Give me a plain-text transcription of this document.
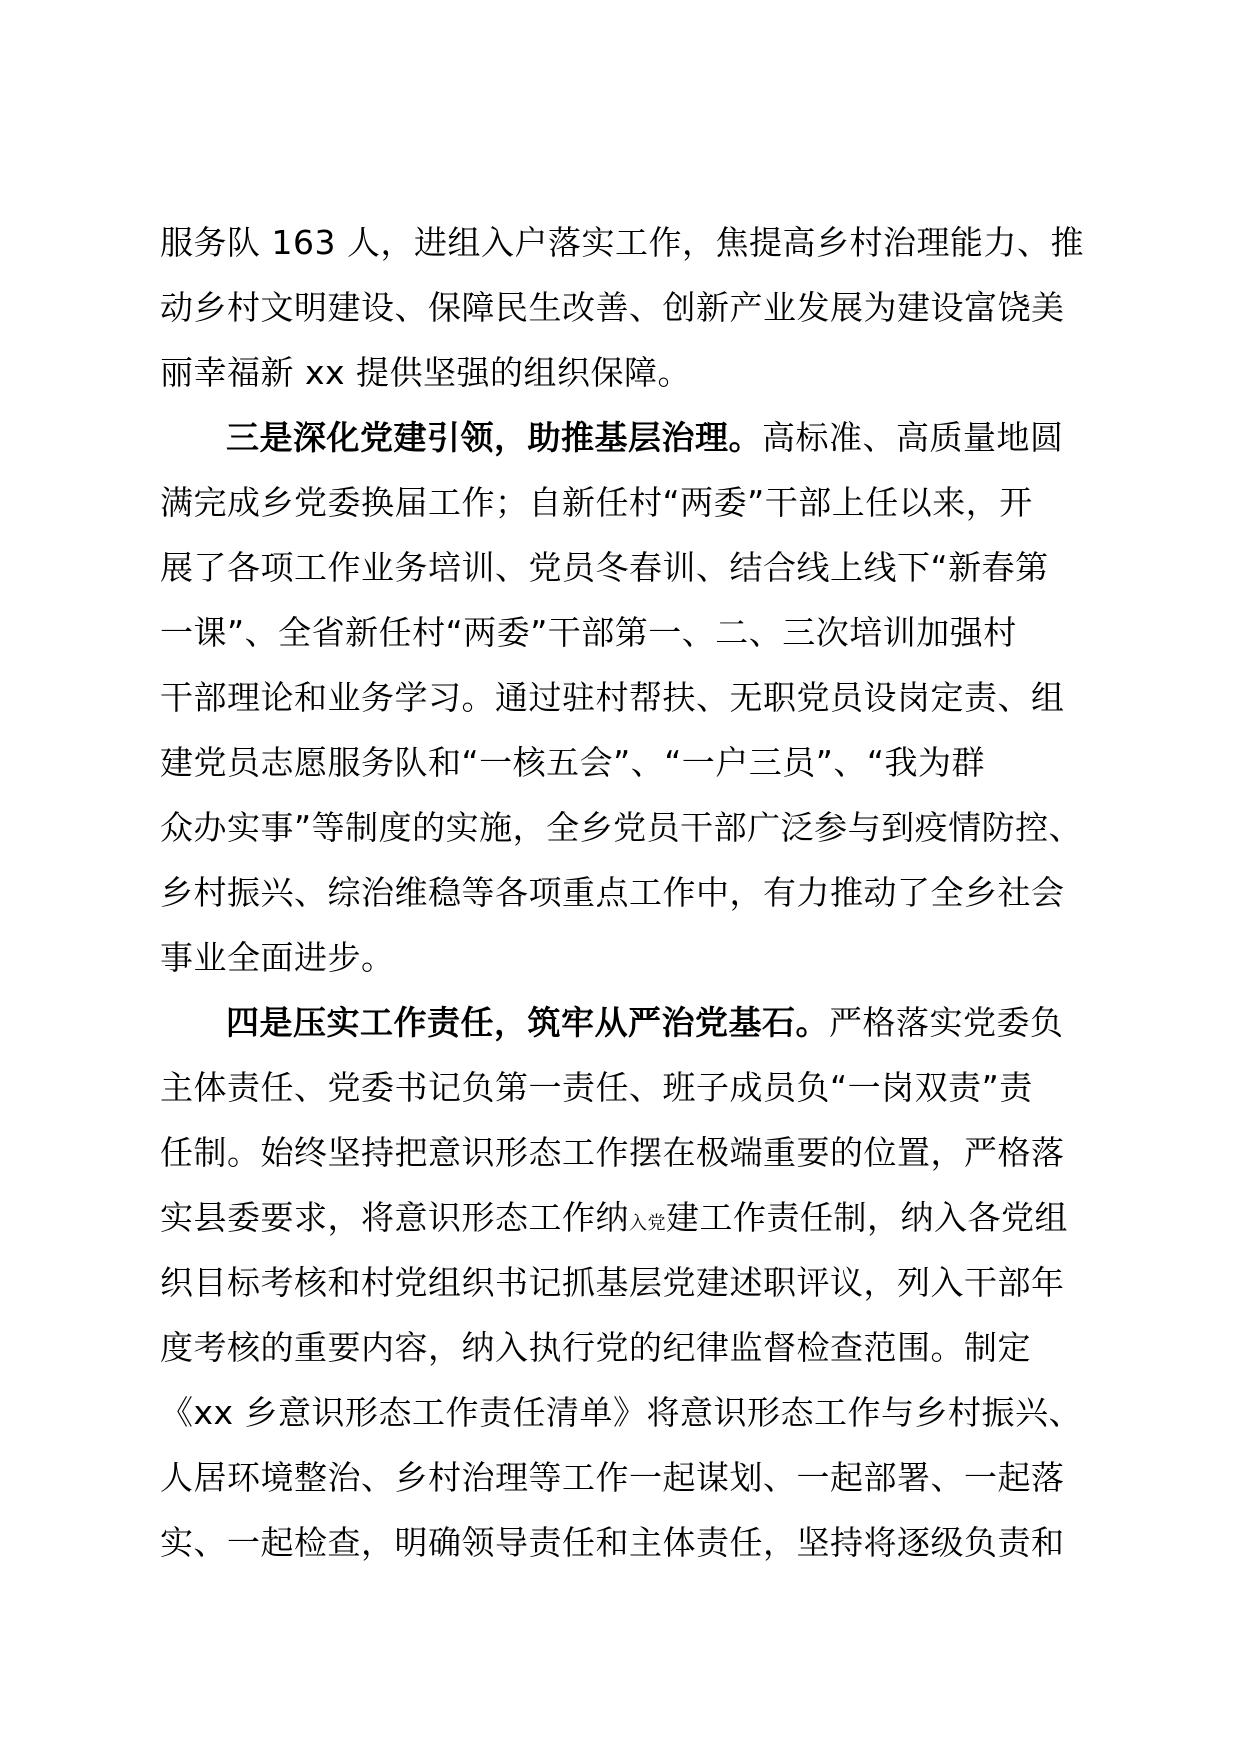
服务队 163 人，进组入户落实工作，焦提高乡村治理能力、推
动乡村文明建设、保障民生改善、创新产业发展为建设富饶美
丽幸福新 xx 提供坚强的组织保障。
三是深化党建引领，助推基层治理。高标准、高质量地圆
满完成乡党委换届工作；自新任村“两委”干部上任以来，开
展了各项工作业务培训、党员冬春训、结合线上线下“新春第
一课”、全省新任村“两委”干部第一、二、三次培训加强村
干部理论和业务学习。通过驻村帮扶、无职党员设岗定责、组
建党员志愿服务队和“一核五会”、“一户三员”、“我为群
众办实事”等制度的实施，全乡党员干部广泛参与到疫情防控、
乡村振兴、综治维稳等各项重点工作中，有力推动了全乡社会
事业全面进步。
四是压实工作责任，筑牢从严治党基石。严格落实党委负
主体责任、党委书记负第一责任、班子成员负“一岗双责”责
任制。始终坚持把意识形态工作摆在极端重要的位置，严格落
实县委要求，将意识形态工作纳入党建工作责任制，纳入各党组
织目标考核和村党组织书记抓基层党建述职评议，列入干部年
度考核的重要内容，纳入执行党的纪律监督检查范围。制定
《xx 乡意识形态工作责任清单》将意识形态工作与乡村振兴、
人居环境整治、乡村治理等工作一起谋划、一起部署、一起落
实、一起检查，明确领导责任和主体责任，坚持将逐级负责和
